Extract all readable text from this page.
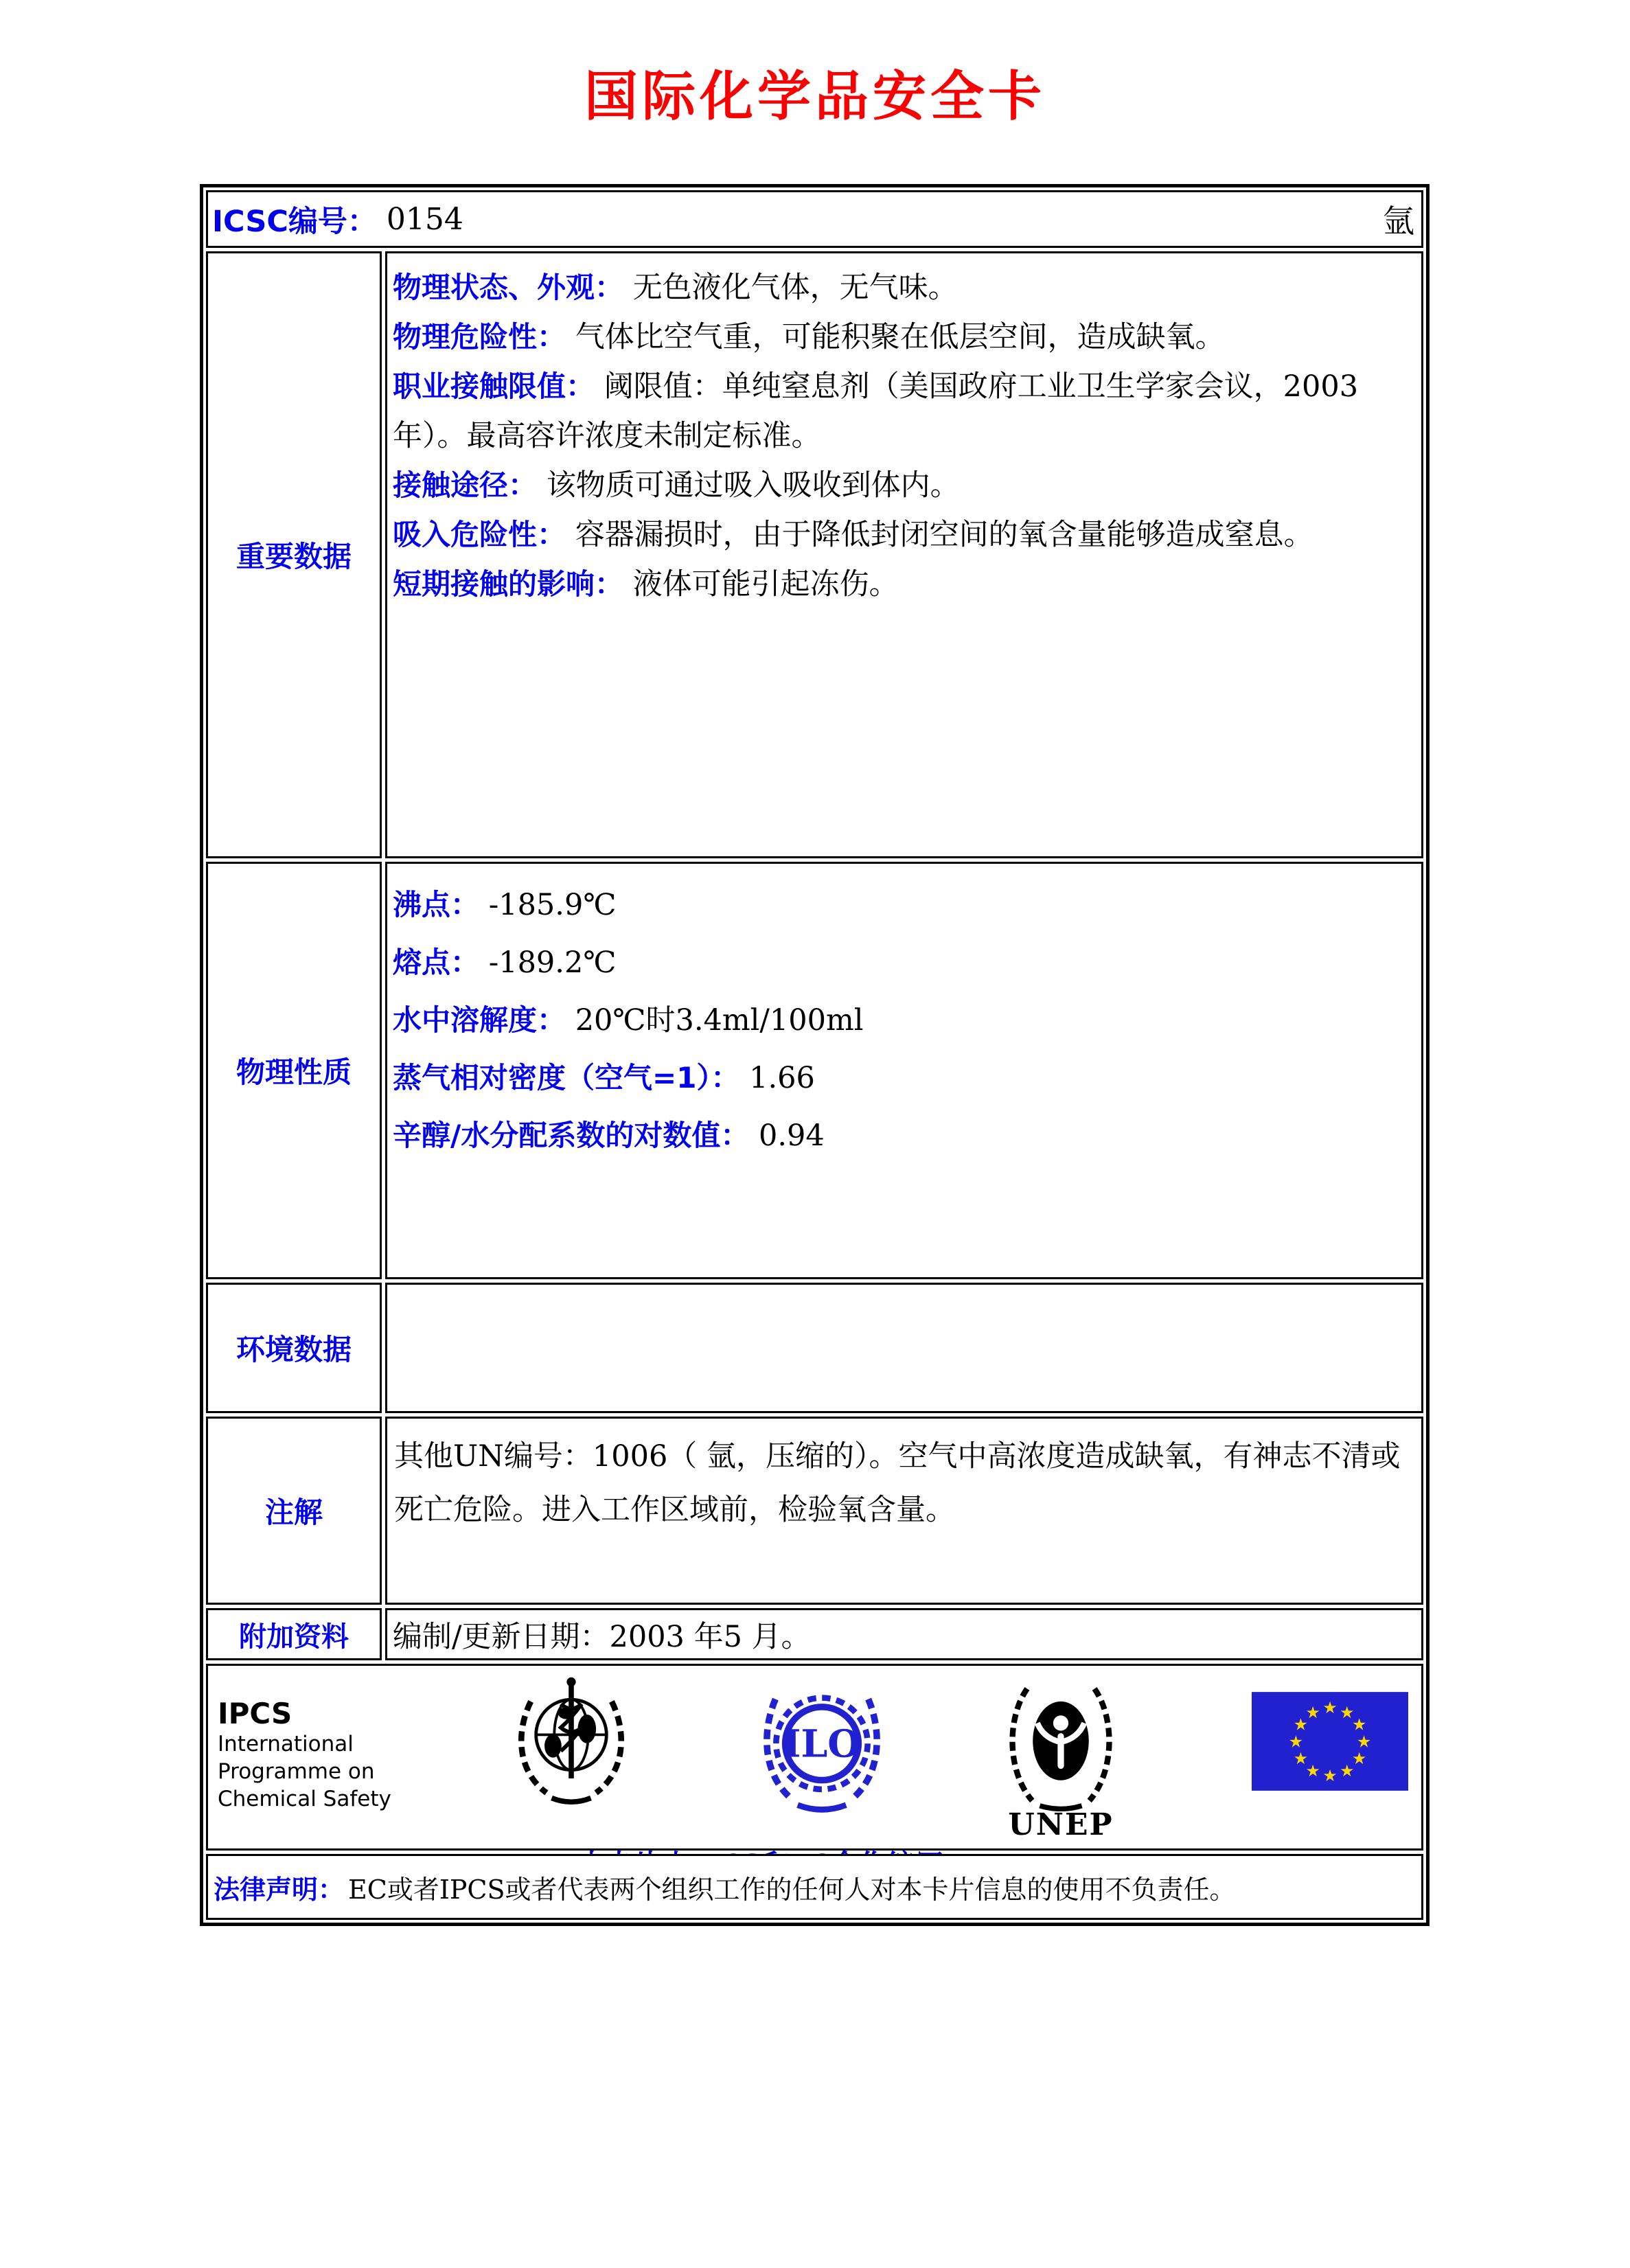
国际化学品安全卡
ICSC编号： 0154	氩
重要数据
物理状态、外观： 无色液化气体，无气味。
物理危险性： 气体比空气重，可能积聚在低层空间，造成缺氧。
职业接触限值： 阈限值：单纯窒息剂（美国政府工业卫生学家会议，2003年）。最高容许浓度未制定标准。
接触途径： 该物质可通过吸入吸收到体内。
吸入危险性： 容器漏损时，由于降低封闭空间的氧含量能够造成窒息。
短期接触的影响： 液体可能引起冻伤。
物理性质
沸点： -185.9℃
熔点： -189.2℃
水中溶解度： 20℃时3.4ml/100ml
蒸气相对密度（空气=1）： 1.66
辛醇/水分配系数的对数值： 0.94
环境数据
注解
其他UN编号：1006（ 氩，压缩的）。空气中高浓度造成缺氧，有神志不清或死亡危险。进入工作区域前，检验氧含量。
附加资料	编制/更新日期：2003 年5 月。
IPCS
International
Programme on
Chemical Safety
ILO
UNEP
★ ★
★
★
★
★
★
★
★
★
★
★
法律声明： EC或者IPCS或者代表两个组织工作的任何人对本卡片信息的使用不负责任。
